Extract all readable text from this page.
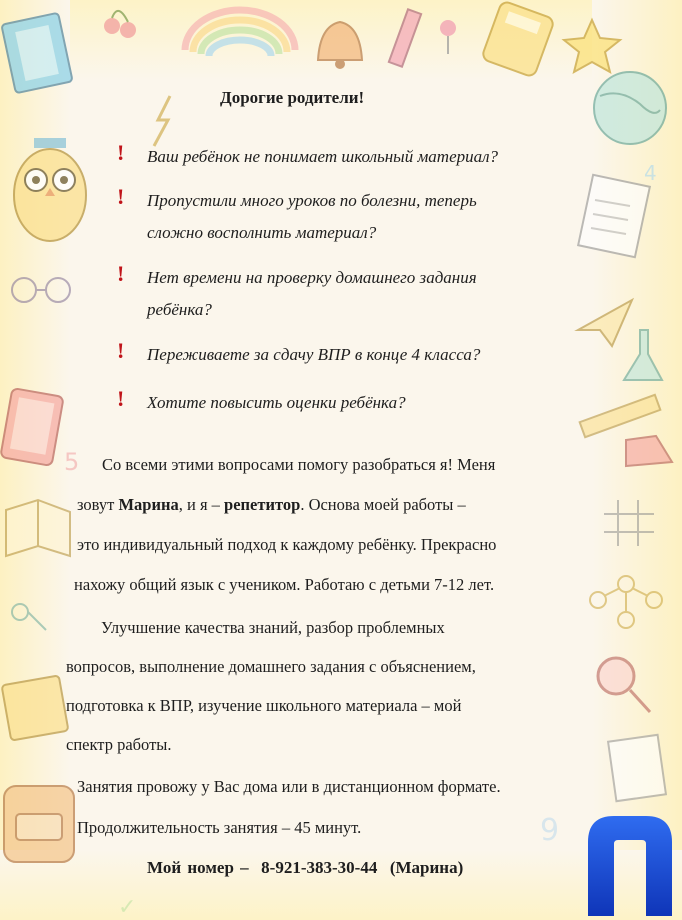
5
9
4
✓
Дорогие родители!
! Ваш ребёнок не понимает школьный материал?
! Пропустили много уроков по болезни, теперь
сложно восполнить материал?
! Нет времени на проверку домашнего задания
ребёнка?
! Переживаете за сдачу ВПР в конце 4 класса?
! Хотите повысить оценки ребёнка?
Со всеми этими вопросами помогу разобраться я! Меня
зовут Марина, и я – репетитор. Основа моей работы –
это индивидуальный подход к каждому ребёнку. Прекрасно
нахожу общий язык с учеником. Работаю с детьми 7-12 лет.
Улучшение качества знаний, разбор проблемных
вопросов, выполнение домашнего задания с объяснением,
подготовка к ВПР, изучение школьного материала – мой
спектр работы.
Занятия провожу у Вас дома или в дистанционном формате.
Продолжительность занятия – 45 минут.
Мой номер – 8-921-383-30-44 (Марина)
